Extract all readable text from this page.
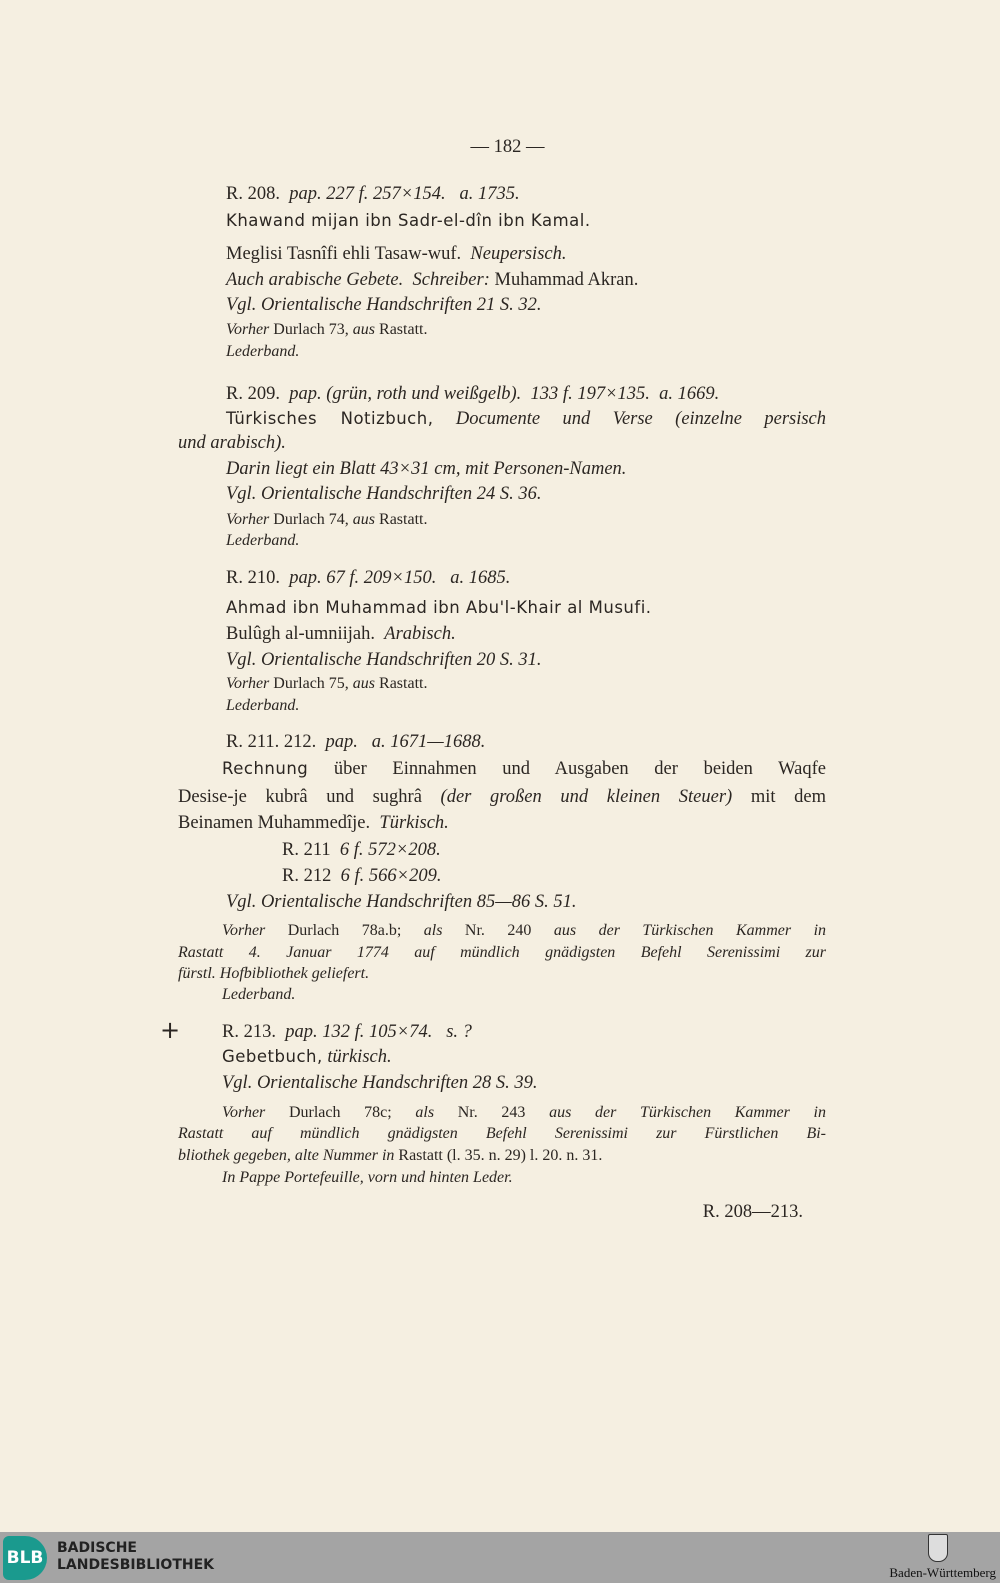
— 182 —
R. 208.  pap. 227 f. 257×154.   a. 1735.
Khawand mijan ibn Sadr-el-dîn ibn Kamal.
Meglisi Tasnîfi ehli Tasaw-wuf.  Neupersisch.
Auch arabische Gebete.  Schreiber: Muhammad Akran.
Vgl. Orientalische Handschriften 21 S. 32.
Vorher Durlach 73, aus Rastatt.
Lederband.
R. 209.  pap. (grün, roth und weißgelb).  133 f. 197×135.  a. 1669.
Türkisches Notizbuch, Documente und Verse (einzelne persisch
und arabisch).
Darin liegt ein Blatt 43×31 cm, mit Personen-Namen.
Vgl. Orientalische Handschriften 24 S. 36.
Vorher Durlach 74, aus Rastatt.
Lederband.
R. 210.  pap. 67 f. 209×150.   a. 1685.
Ahmad ibn Muhammad ibn Abu'l-Khair al Musufi.
Bulûgh al-umniijah.  Arabisch.
Vgl. Orientalische Handschriften 20 S. 31.
Vorher Durlach 75, aus Rastatt.
Lederband.
R. 211. 212.  pap.   a. 1671—1688.
Rechnung über Einnahmen und Ausgaben der beiden Waqfe
Desise-je kubrâ und sughrâ (der großen und kleinen Steuer) mit dem
Beinamen Muhammedîje.  Türkisch.
R. 211  6 f. 572×208.
R. 212  6 f. 566×209.
Vgl. Orientalische Handschriften 85—86 S. 51.
Vorher Durlach 78a.b; als Nr. 240 aus der Türkischen Kammer in
Rastatt 4. Januar 1774 auf mündlich gnädigsten Befehl Serenissimi zur
fürstl. Hofbibliothek geliefert.
Lederband.
R. 213.  pap. 132 f. 105×74.   s. ?
Gebetbuch, türkisch.
Vgl. Orientalische Handschriften 28 S. 39.
Vorher Durlach 78c; als Nr. 243 aus der Türkischen Kammer in
Rastatt auf mündlich gnädigsten Befehl Serenissimi zur Fürstlichen Bi-
bliothek gegeben, alte Nummer in Rastatt (l. 35. n. 29) l. 20. n. 31.
In Pappe Portefeuille, vorn und hinten Leder.
R. 208—213.
+
BLB BADISCHE
LANDESBIBLIOTHEK	Baden-Württemberg
